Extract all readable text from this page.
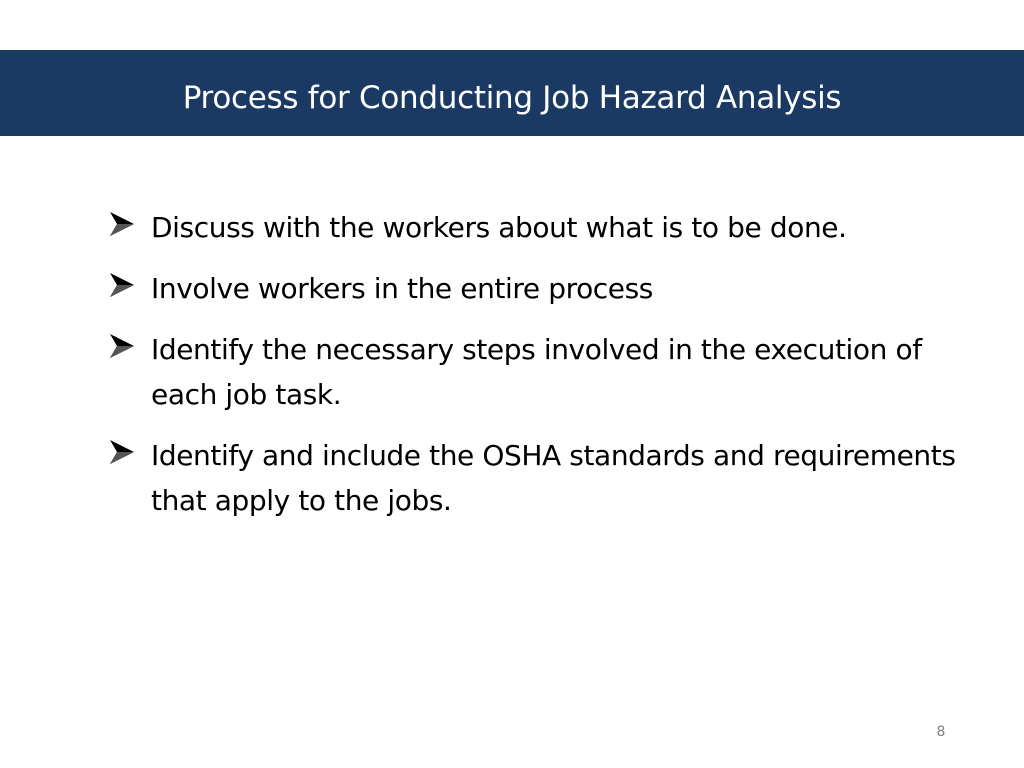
Process for Conducting Job Hazard Analysis
Discuss with the workers about what is to be done.
Involve workers in the entire process
Identify the necessary steps involved in the execution of each job task.
Identify and include the OSHA standards and requirements that apply to the jobs.
8
